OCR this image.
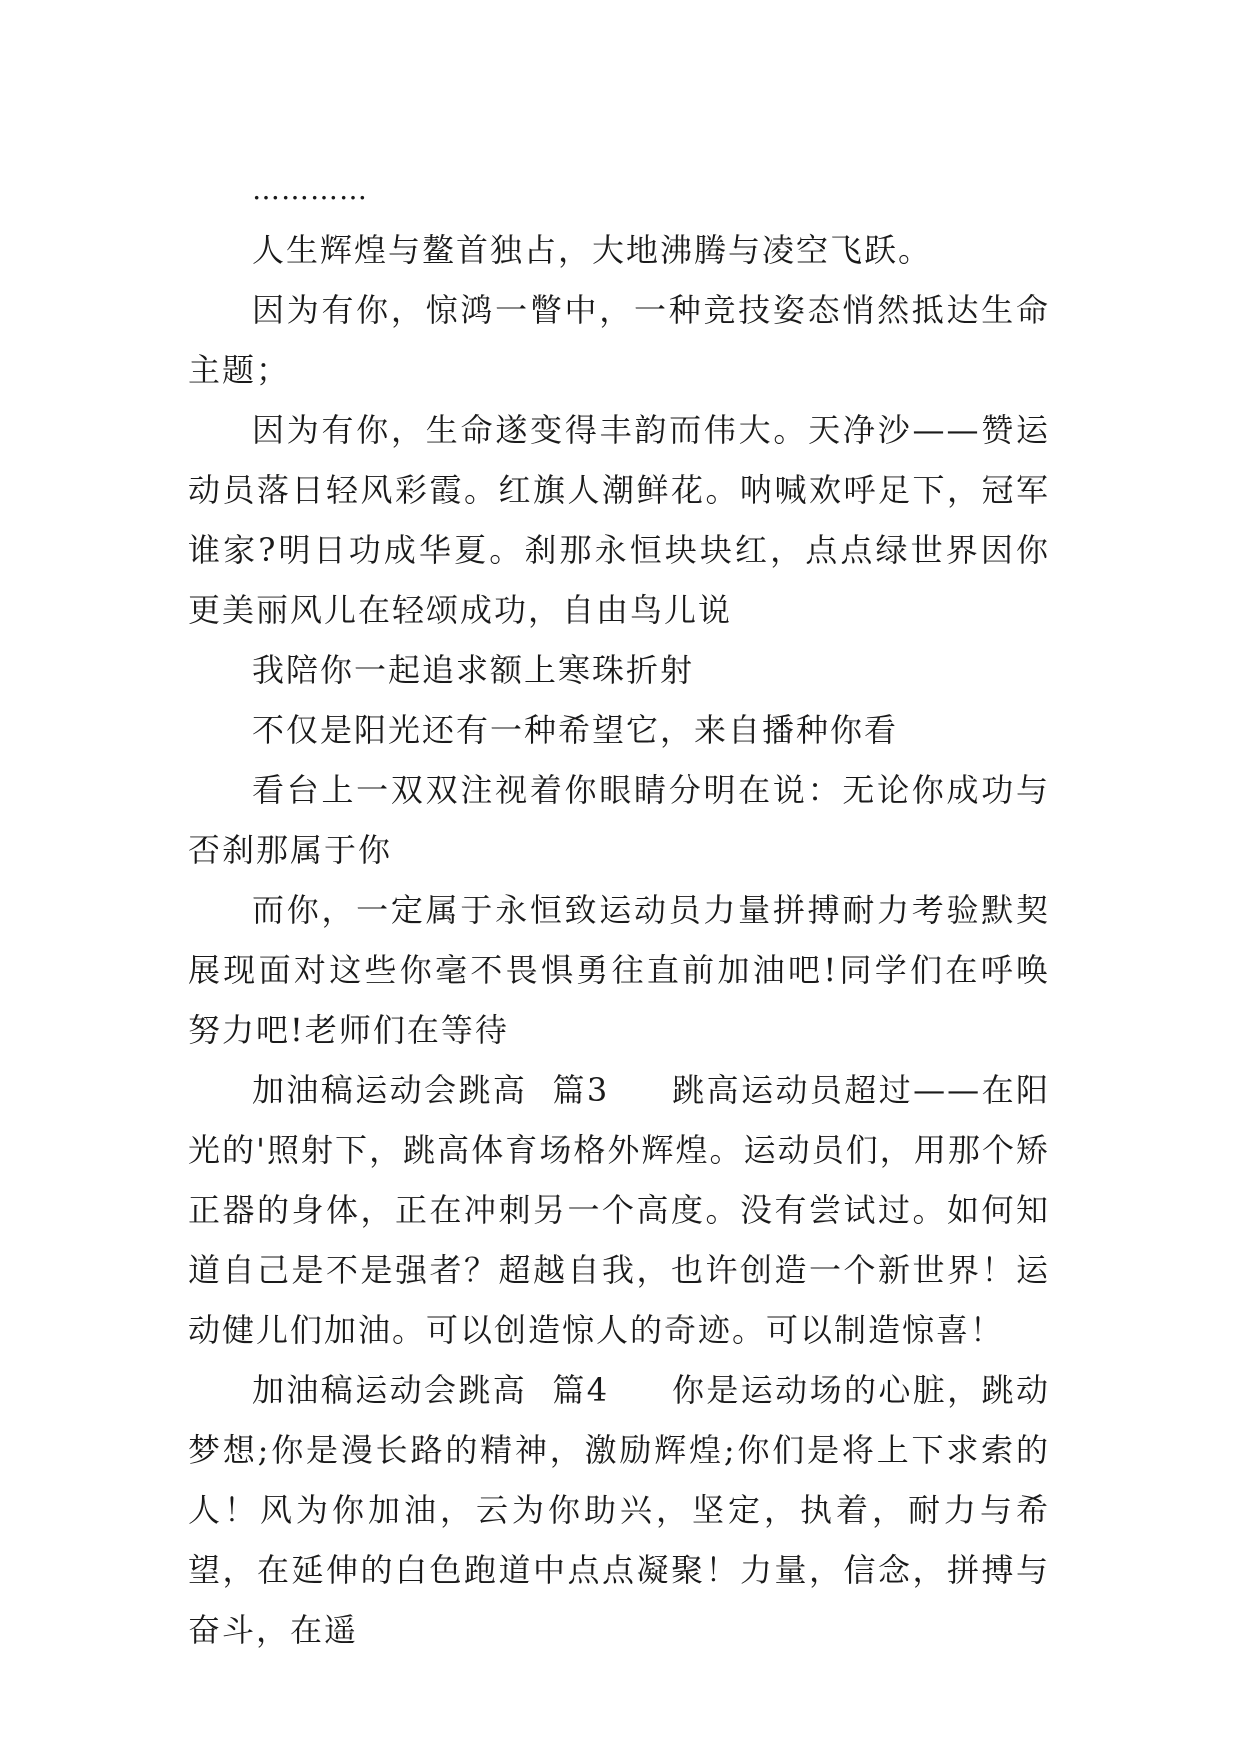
…………

人生辉煌与鳌首独占，大地沸腾与凌空飞跃。

因为有你，惊鸿一瞥中，一种竞技姿态悄然抵达生命主题；

因为有你，生命遂变得丰韵而伟大。天净沙——赞运动员落日轻风彩霞。红旗人潮鲜花。呐喊欢呼足下，冠军谁家?明日功成华夏。刹那永恒块块红，点点绿世界因你更美丽风儿在轻颂成功，自由鸟儿说

我陪你一起追求额上寒珠折射

不仅是阳光还有一种希望它，来自播种你看

看台上一双双注视着你眼睛分明在说：无论你成功与否刹那属于你

而你，一定属于永恒致运动员力量拼搏耐力考验默契展现面对这些你毫不畏惧勇往直前加油吧!同学们在呼唤努力吧!老师们在等待

加油稿运动会跳高  篇3     跳高运动员超过——在阳光的'照射下，跳高体育场格外辉煌。运动员们，用那个矫正器的身体，正在冲刺另一个高度。没有尝试过。如何知道自己是不是强者？超越自我，也许创造一个新世界！运动健儿们加油。可以创造惊人的奇迹。可以制造惊喜！

加油稿运动会跳高  篇4     你是运动场的心脏，跳动梦想;你是漫长路的精神，激励辉煌;你们是将上下求索的人！风为你加油，云为你助兴，坚定，执着，耐力与希望，在延伸的白色跑道中点点凝聚！力量，信念，拼搏与奋斗，在遥
